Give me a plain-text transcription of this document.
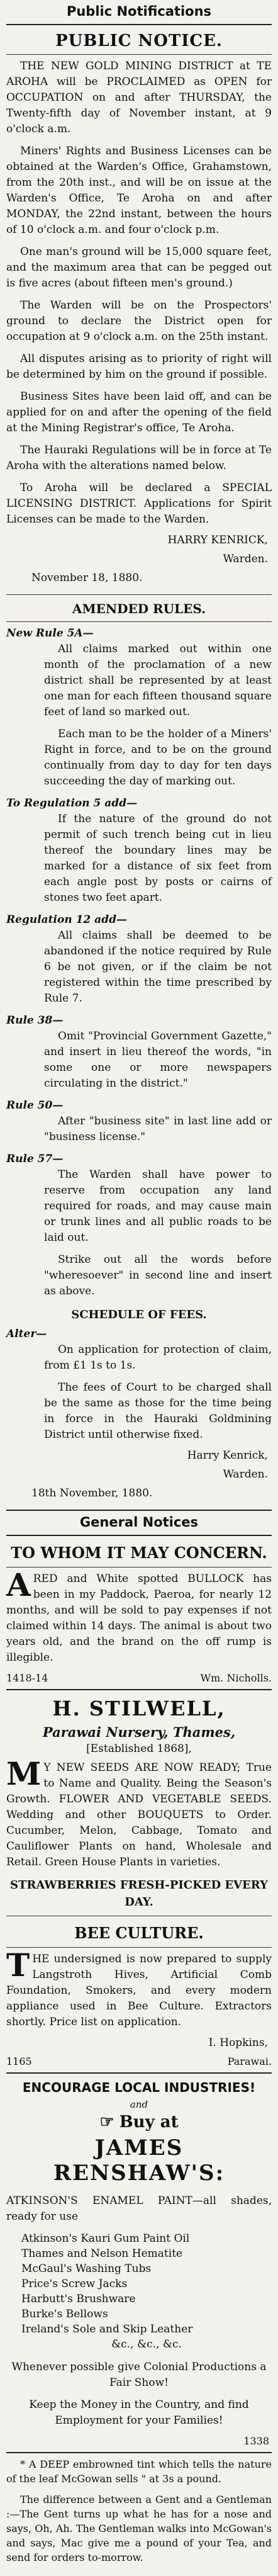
Public Notifications
PUBLIC NOTICE.

THE NEW GOLD MINING DISTRICT at TE AROHA will be PROCLAIMED as OPEN for OCCUPATION on and after THURSDAY, the Twenty-fifth day of November instant, at 9 o'clock a.m.

Miners' Rights and Business Licenses can be obtained at the Warden's Office, Grahamstown, from the 20th inst., and will be on issue at the Warden's Office, Te Aroha on and after MONDAY, the 22nd instant, between the hours of 10 o'clock a.m. and four o'clock p.m.

One man's ground will be 15,000 square feet, and the maximum area that can be pegged out is five acres (about fifteen men's ground.)

The Warden will be on the Prospectors' ground to declare the District open for occupation at 9 o'clock a.m. on the 25th instant.

All disputes arising as to priority of right will be determined by him on the ground if possible.

Business Sites have been laid off, and can be applied for on and after the opening of the field at the Mining Registrar's office, Te Aroha.

The Hauraki Regulations will be in force at Te Aroha with the alterations named below.

To Aroha will be declared a SPECIAL LICENSING DISTRICT. Applications for Spirit Licenses can be made to the Warden.

HARRY KENRICK,
Warden.
November 18, 1880.
AMENDED RULES.
New Rule 5A—

All claims marked out within one month of the proclamation of a new district shall be represented by at least one man for each fifteen thousand square feet of land so marked out.

Each man to be the holder of a Miners' Right in force, and to be on the ground continually from day to day for ten days succeeding the day of marking out.

To Regulation 5 add—

If the nature of the ground do not permit of such trench being cut in lieu thereof the boundary lines may be marked for a distance of six feet from each angle post by posts or cairns of stones two feet apart.

Regulation 12 add—

All claims shall be deemed to be abandoned if the notice required by Rule 6 be not given, or if the claim be not registered within the time prescribed by Rule 7.

Rule 38—

Omit "Provincial Government Gazette," and insert in lieu thereof the words, "in some one or more newspapers circulating in the district."

Rule 50—

After "business site" in last line add or "business license."

Rule 57—

The Warden shall have power to reserve from occupation any land required for roads, and may cause main or trunk lines and all public roads to be laid out.

Strike out all the words before "wheresoever" in second line and insert as above.

SCHEDULE OF FEES.
Alter—

On application for protection of claim, from £1 1s to 1s.

The fees of Court to be charged shall be the same as those for the time being in force in the Hauraki Goldmining District until otherwise fixed.

Harry Kenrick,
Warden.
18th November, 1880.
General Notices
TO WHOM IT MAY CONCERN.

ARED and White spotted BULLOCK has been in my Paddock, Paeroa, for nearly 12 months, and will be sold to pay expenses if not claimed within 14 days. The animal is about two years old, and the brand on the off rump is illegible.

1418-14	Wm. Nicholls.
H. STILWELL,
Parawai Nursery, Thames,
[Established 1868],

M Y NEW SEEDS ARE NOW READY; True to Name and Quality. Being the Season's Growth. FLOWER AND VEGETABLE SEEDS. Wedding and other BOUQUETS to Order. Cucumber, Melon, Cabbage, Tomato and Cauliflower Plants on hand, Wholesale and Retail. Green House Plants in varieties.

STRAWBERRIES FRESH-PICKED EVERY DAY.
BEE CULTURE.

THE undersigned is now prepared to supply Langstroth Hives, Artificial Comb Foundation, Smokers, and every modern appliance used in Bee Culture. Extractors shortly. Price list on application.

I. Hopkins,
1165	Parawai.
ENCOURAGE LOCAL INDUSTRIES!
and
☞ Buy at
JAMES RENSHAW'S:

ATKINSON'S ENAMEL PAINT—all shades, ready for use

Atkinson's Kauri Gum Paint Oil
Thames and Nelson Hematite
McGaul's Washing Tubs
Price's Screw Jacks
Harbutt's Brushware
Burke's Bellows
Ireland's Sole and Skip Leather
&c., &c., &c.

Whenever possible give Colonial Productions a Fair Show!

Keep the Money in the Country, and find Employment for your Families!

1338

* A DEEP embrowned tint which tells the nature of the leaf McGowan sells " at 3s a pound.

The difference between a Gent and a Gentleman :—The Gent turns up what he has for a nose and says, Oh, Ah. The Gentleman walks into McGowan's and says, Mac give me a pound of your Tea, and send for orders to-morrow.
